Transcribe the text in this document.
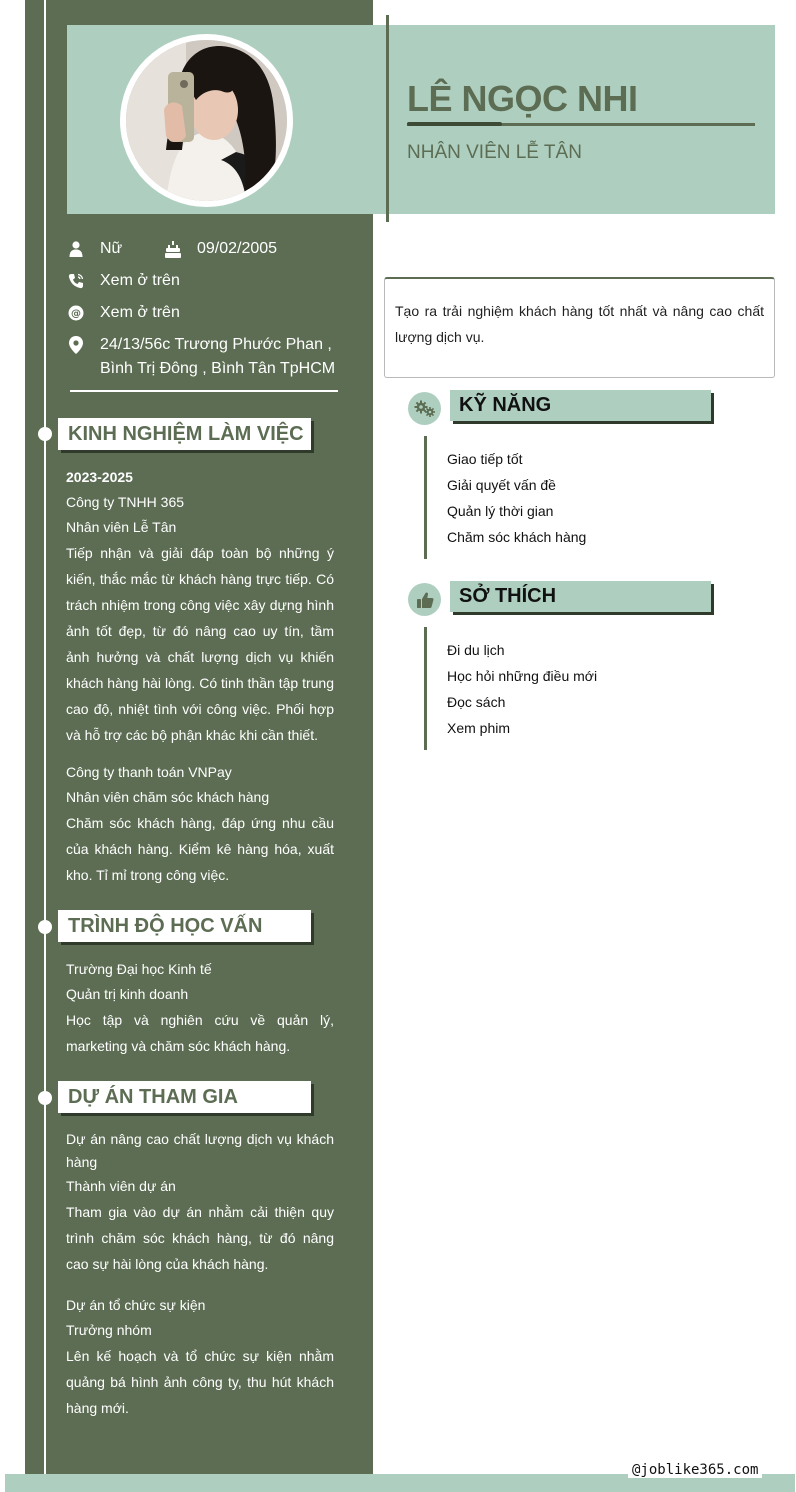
LÊ NGỌC NHI
NHÂN VIÊN LỄ TÂN
Nữ	09/02/2005
Xem ở trên
@ Xem ở trên
24/13/56c Trương Phước Phan ,
Bình Trị Đông , Bình Tân TpHCM
KINH NGHIỆM LÀM VIỆC
2023-2025
Công ty TNHH 365
Nhân viên Lễ Tân
Tiếp nhận và giải đáp toàn bộ những ý kiến, thắc mắc từ khách hàng trực tiếp. Có trách nhiệm trong công việc xây dựng hình ảnh tốt đẹp, từ đó nâng cao uy tín, tầm ảnh hưởng và chất lượng dịch vụ khiến khách hàng hài lòng. Có tinh thần tập trung cao độ, nhiệt tình với công việc. Phối hợp và hỗ trợ các bộ phận khác khi cần thiết.
Công ty thanh toán VNPay
Nhân viên chăm sóc khách hàng
Chăm sóc khách hàng, đáp ứng nhu cầu của khách hàng. Kiểm kê hàng hóa, xuất kho. Tỉ mỉ trong công việc.
TRÌNH ĐỘ HỌC VẤN
Trường Đại học Kinh tế
Quản trị kinh doanh
Học tập và nghiên cứu về quản lý, marketing và chăm sóc khách hàng.
DỰ ÁN THAM GIA
Dự án nâng cao chất lượng dịch vụ khách hàng
Thành viên dự án
Tham gia vào dự án nhằm cải thiện quy trình chăm sóc khách hàng, từ đó nâng cao sự hài lòng của khách hàng.
Dự án tổ chức sự kiện
Trưởng nhóm
Lên kế hoạch và tổ chức sự kiện nhằm quảng bá hình ảnh công ty, thu hút khách hàng mới.
Tạo ra trải nghiệm khách hàng tốt nhất và nâng cao chất lượng dịch vụ.
KỸ NĂNG
Giao tiếp tốt
Giải quyết vấn đề
Quản lý thời gian
Chăm sóc khách hàng
SỞ THÍCH
Đi du lịch
Học hỏi những điều mới
Đọc sách
Xem phim
@joblike365.com
